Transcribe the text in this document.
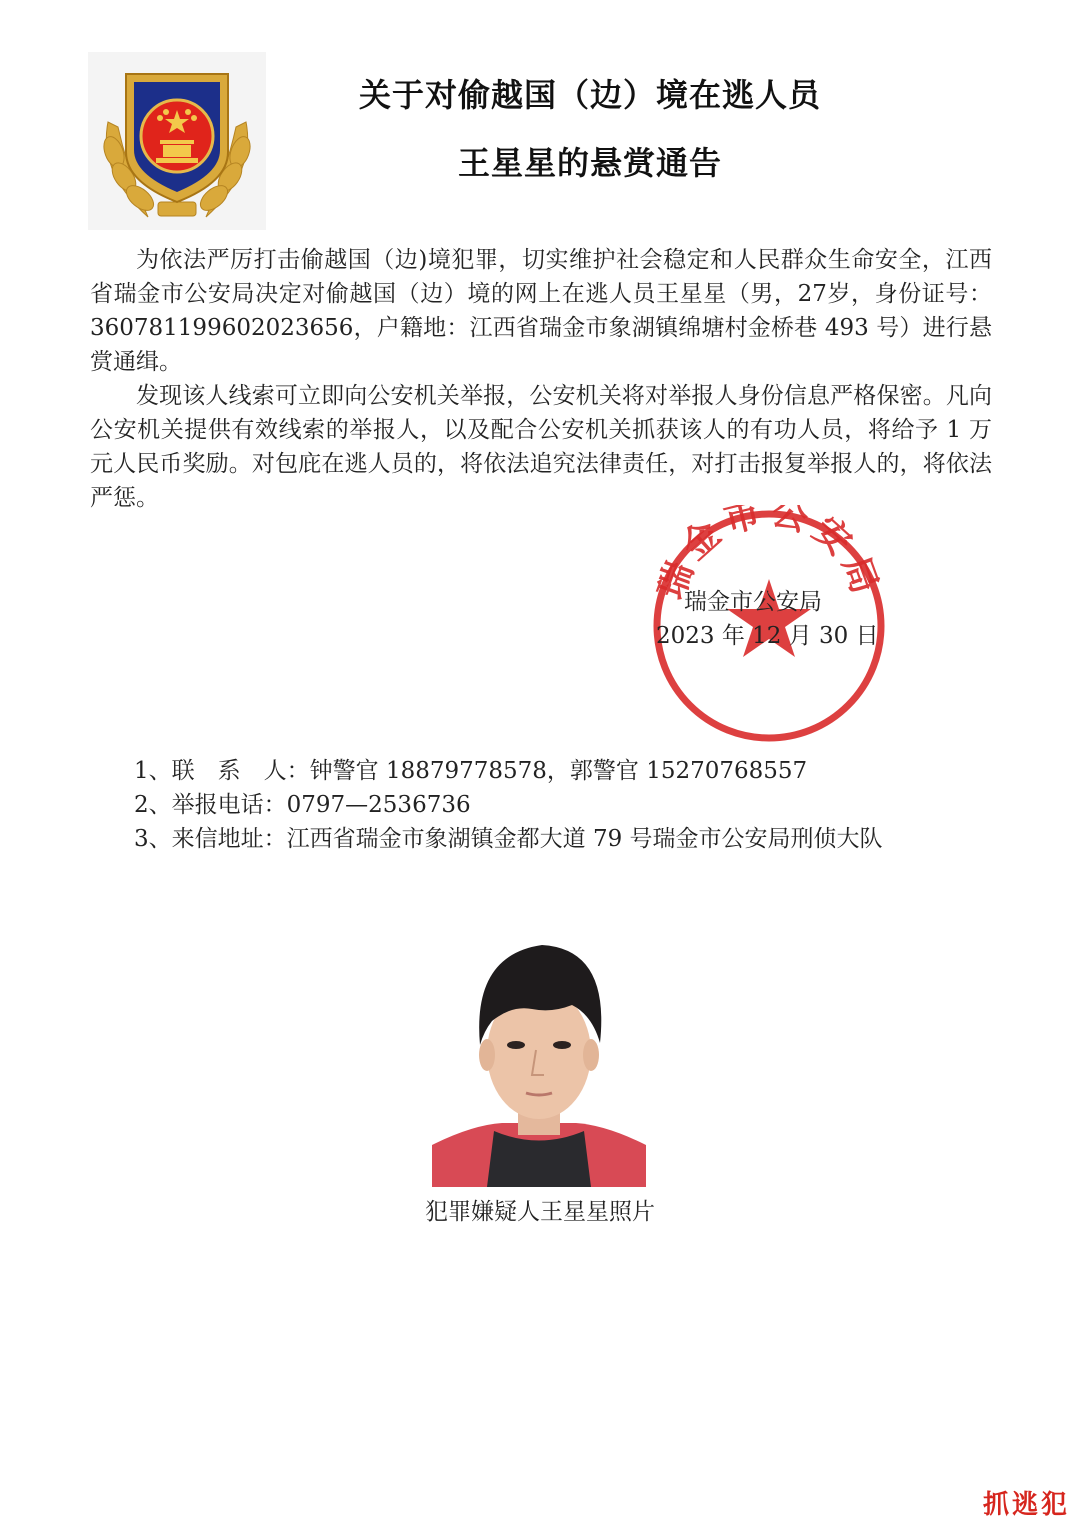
关于对偷越国（边）境在逃人员
王星星的悬赏通告

为依法严厉打击偷越国（边)境犯罪，切实维护社会稳定和人民群众生命安全，江西省瑞金市公安局决定对偷越国（边）境的网上在逃人员王星星（男，27岁，身份证号：360781199602023656，户籍地：江西省瑞金市象湖镇绵塘村金桥巷 493 号）进行悬赏通缉。

发现该人线索可立即向公安机关举报，公安机关将对举报人身份信息严格保密。凡向公安机关提供有效线索的举报人，以及配合公安机关抓获该人的有功人员，将给予 1 万元人民币奖励。对包庇在逃人员的，将依法追究法律责任，对打击报复举报人的，将依法严惩。

瑞金市公安局
瑞金市公安局
2023 年 12 月 30 日
1、联　系　人：钟警官 18879778578，郭警官 15270768557
2、举报电话：0797—2536736
3、来信地址：江西省瑞金市象湖镇金都大道 79 号瑞金市公安局刑侦大队
犯罪嫌疑人王星星照片
抓逃犯
